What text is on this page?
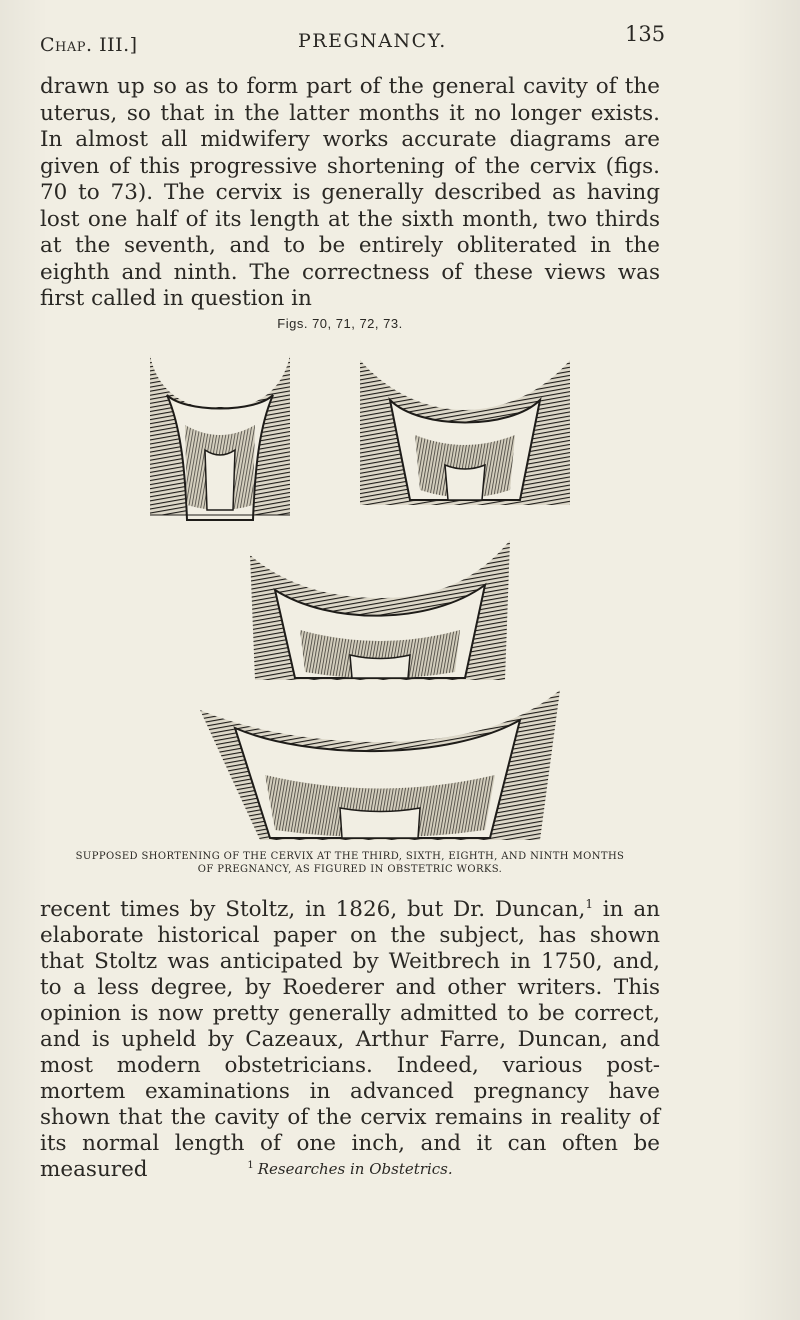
Chap. III.]	PREGNANCY.	135

drawn up so as to form part of the general cavity of the uterus, so that in the latter months it no longer exists. In almost all midwifery works accurate diagrams are given of this progressive shortening of the cervix (figs. 70 to 73). The cervix is generally described as having lost one half of its length at the sixth month, two thirds at the seventh, and to be entirely obliterated in the eighth and ninth. The correctness of these views was first called in question in

Figs. 70, 71, 72, 73.
SUPPOSED SHORTENING OF THE CERVIX AT THE THIRD, SIXTH, EIGHTH, AND NINTH MONTHS
OF PREGNANCY, AS FIGURED IN OBSTETRIC WORKS.

recent times by Stoltz, in 1826, but Dr. Duncan,$^1$ in an elaborate historical paper on the subject, has shown that Stoltz was anticipated by Weitbrech in 1750, and, to a less degree, by Roederer and other writers. This opinion is now pretty generally admitted to be correct, and is upheld by Cazeaux, Arthur Farre, Duncan, and most modern obstetricians. Indeed, various post-mortem examinations in advanced pregnancy have shown that the cavity of the cervix remains in reality of its normal length of one inch, and it can often be measured	$^1$ Researches in Obstetrics.
